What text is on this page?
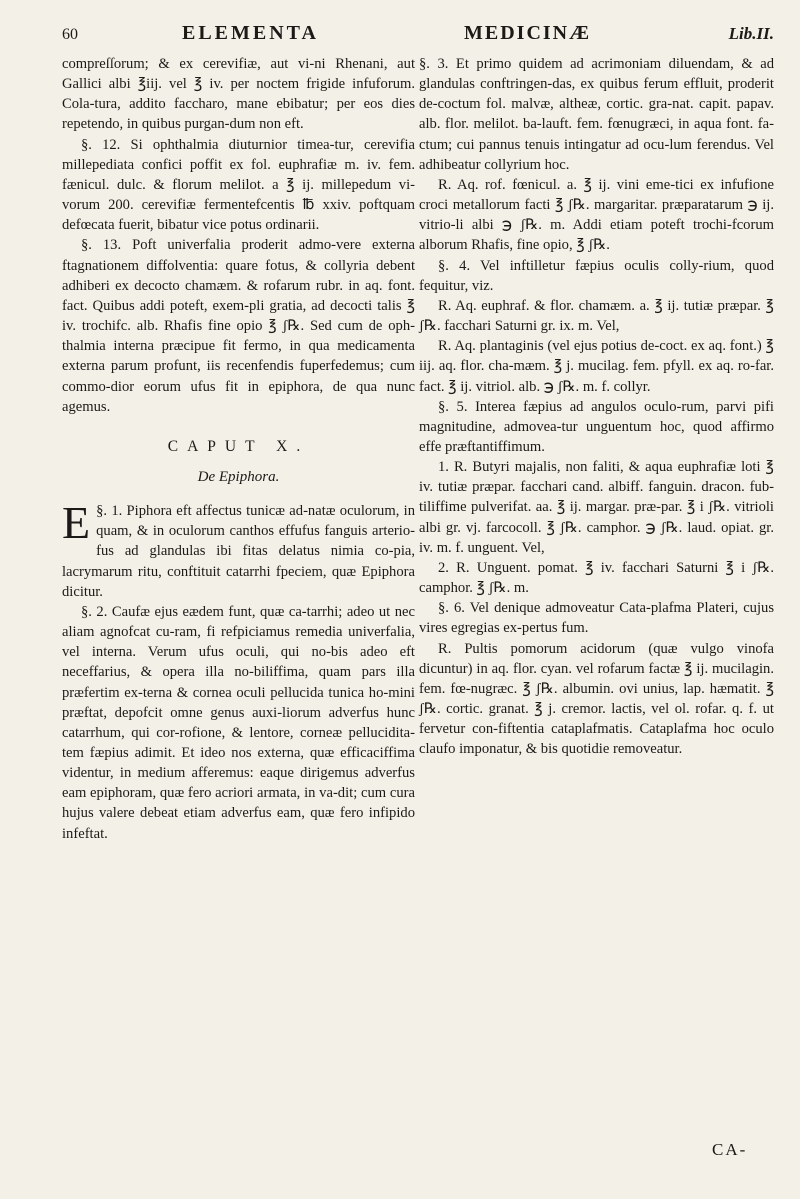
60	ELEMENTA	MEDICINÆ	Lib.II.

compreſſorum; & ex cerevifiæ, aut vi-ni Rhenani, aut Gallici albi ℥iij. vel ℥ iv. per noctem frigide infuforum. Cola-tura, addito faccharo, mane ebibatur; per eos dies repetendo, in quibus purgan-dum non eft.

§. 12. Si ophthalmia diuturnior timea-tur, cerevifia millepediata confici poffit ex fol. euphrafiæ m. iv. fem. fænicul. dulc. & florum melilot. a ℥ ij. millepedum vi-vorum 200. cerevifiæ fermentefcentis ℔ xxiv. poftquam defœcata fuerit, bibatur vice potus ordinarii.

§. 13. Poft univerfalia proderit admo-vere externa ftagnationem diffolventia: quare fotus, & collyria debent adhiberi ex decocto chamæm. & rofarum rubr. in aq. font. fact. Quibus addi poteft, exem-pli gratia, ad decocti talis ℥ iv. trochifc. alb. Rhafis fine opio ℥ ʃ℞. Sed cum de oph-thalmia interna præcipue fit fermo, in qua medicamenta externa parum profunt, iis recenfendis fuperfedemus; cum commo-dior eorum ufus fit in epiphora, de qua nunc agemus.

CAPUT X.
De Epiphora.
E §. 1. Piphora eft affectus tunicæ ad-natæ oculorum, in quam, & in oculorum canthos effufus fanguis arterio-fus ad glandulas ibi fitas delatus nimia co-pia, lacrymarum ritu, conftituit catarrhi fpeciem, quæ Epiphora dicitur.

§. 2. Caufæ ejus eædem funt, quæ ca-tarrhi; adeo ut nec aliam agnofcat cu-ram, fi refpiciamus remedia univerfalia, vel interna. Verum ufus oculi, qui no-bis adeo eft neceffarius, & opera illa no-biliffima, quam pars illa præfertim ex-terna & cornea oculi pellucida tunica ho-mini præftat, depofcit omne genus auxi-liorum adverfus hunc catarrhum, qui cor-rofione, & lentore, corneæ pelluciditа-tem fæpius adimit. Et ideo nos externa, quæ efficaciffima videntur, in medium afferemus: eaque dirigemus adverfus eam epiphoram, quæ fero acriori armata, in va-dit; cum cura hujus valere debeat etiam adverfus eam, quæ fero infipido infeftat.

§. 3. Et primo quidem ad acrimoniam diluendam, & ad glandulas conftringen-das, ex quibus ferum effluit, proderit de-coctum fol. malvæ, altheæ, cortic. gra-nat. capit. papav. alb. flor. melilot. ba-lauft. fem. fœnugræci, in aqua font. fa-ctum; cui pannus tenuis intingatur ad ocu-lum ferendus. Vel adhibeatur collyrium hoc.

R. Aq. rof. fœnicul. a. ℥ ij. vini eme-tici ex infufione croci metallorum facti ℥ ʃ℞. margaritar. præparatarum ℈ ij. vitrio-li albi ℈ ʃ℞. m. Addi etiam poteft trochi-fcorum alborum Rhafis, fine opio, ℥ ʃ℞.

§. 4. Vel inftilletur fæpius oculis colly-rium, quod fequitur, viz.

R. Aq. euphraf. & flor. chamæm. a. ℥ ij. tutiæ præpar. ℥ ʃ℞. facchari Saturni gr. ix. m. Vel,

R. Aq. plantaginis (vel ejus potius de-coct. ex aq. font.) ℥ iij. aq. flor. cha-mæm. ℥ j. mucilag. fem. pfyll. ex aq. ro-far. fact. ℥ ij. vitriol. alb. ℈ ʃ℞. m. f. collyr.

§. 5. Interea fæpius ad angulos oculo-rum, parvi pifi magnitudine, admovea-tur unguentum hoc, quod affirmo effe præftantiffimum.

1. R. Butyri majalis, non faliti, & aqua euphrafiæ loti ℥ iv. tutiæ præpar. facchari cand. albiff. fanguin. dracon. fub-tiliffime pulverifat. aa. ℥ ij. margar. præ-par. ℥ i ʃ℞. vitrioli albi gr. vj. farcocoll. ℥ ʃ℞. camphor. ℈ ʃ℞. laud. opiat. gr. iv. m. f. unguent. Vel,

2. R. Unguent. pomat. ℥ iv. facchari Saturni ℥ i ʃ℞. camphor. ℥ ʃ℞. m.

§. 6. Vel denique admoveatur Cata-plafma Plateri, cujus vires egregias ex-pertus fum.

R. Pultis pomorum acidorum (quæ vulgo vinofa dicuntur) in aq. flor. cyan. vel rofarum factæ ℥ ij. mucilagin. fem. fœ-nugræc. ℥ ʃ℞. albumin. ovi unius, lap. hæmatit. ℥ ʃ℞. cortic. granat. ℥ j. cremor. lactis, vel ol. rofar. q. f. ut fervetur con-fiftentia cataplafmatis. Cataplafma hoc oculo claufo imponatur, & bis quotidie removeatur.

CA-
